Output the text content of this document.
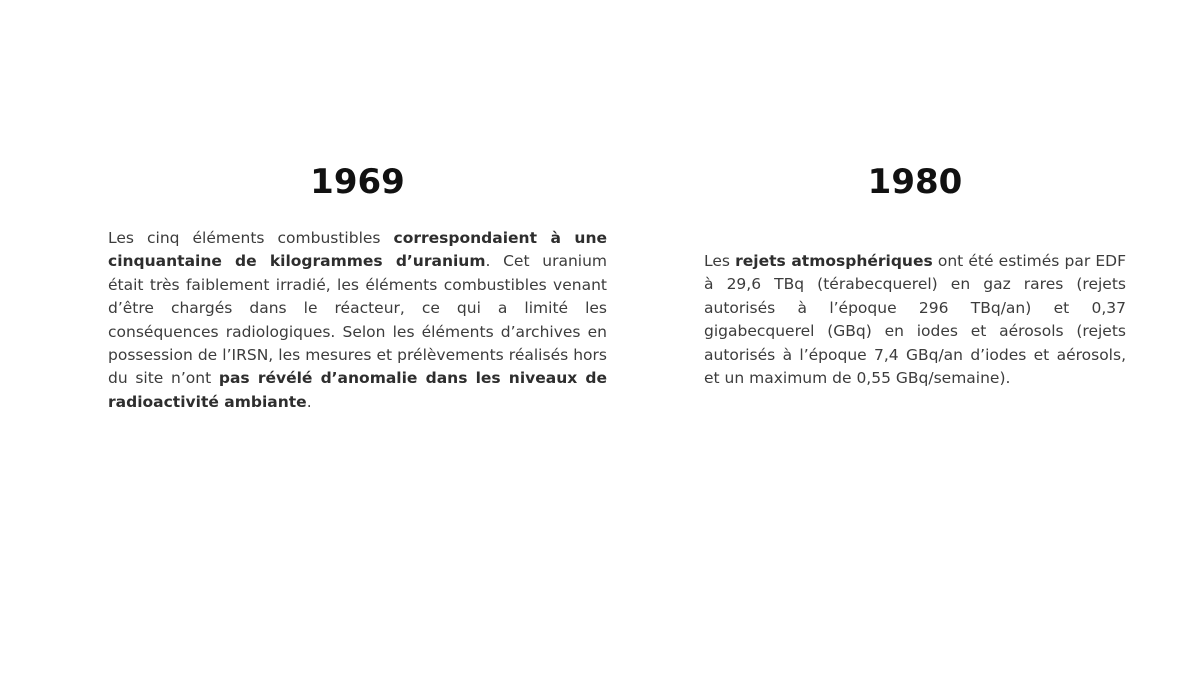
1969

Les cinq éléments combustibles correspondaient à une cinquantaine de kilogrammes d’uranium. Cet uranium était très faiblement irradié, les éléments combustibles venant d’être chargés dans le réacteur, ce qui a limité les conséquences radiologiques. Selon les éléments d’archives en possession de l’IRSN, les mesures et prélèvements réalisés hors du site n’ont pas révélé d’anomalie dans les niveaux de radioactivité ambiante.

1980

Les rejets atmosphériques ont été estimés par EDF à 29,6 TBq (térabecquerel) en gaz rares (rejets autorisés à l’époque 296 TBq/an) et 0,37 gigabecquerel (GBq) en iodes et aérosols (rejets autorisés à l’époque 7,4 GBq/an d’iodes et aérosols, et un maximum de 0,55 GBq/semaine).
